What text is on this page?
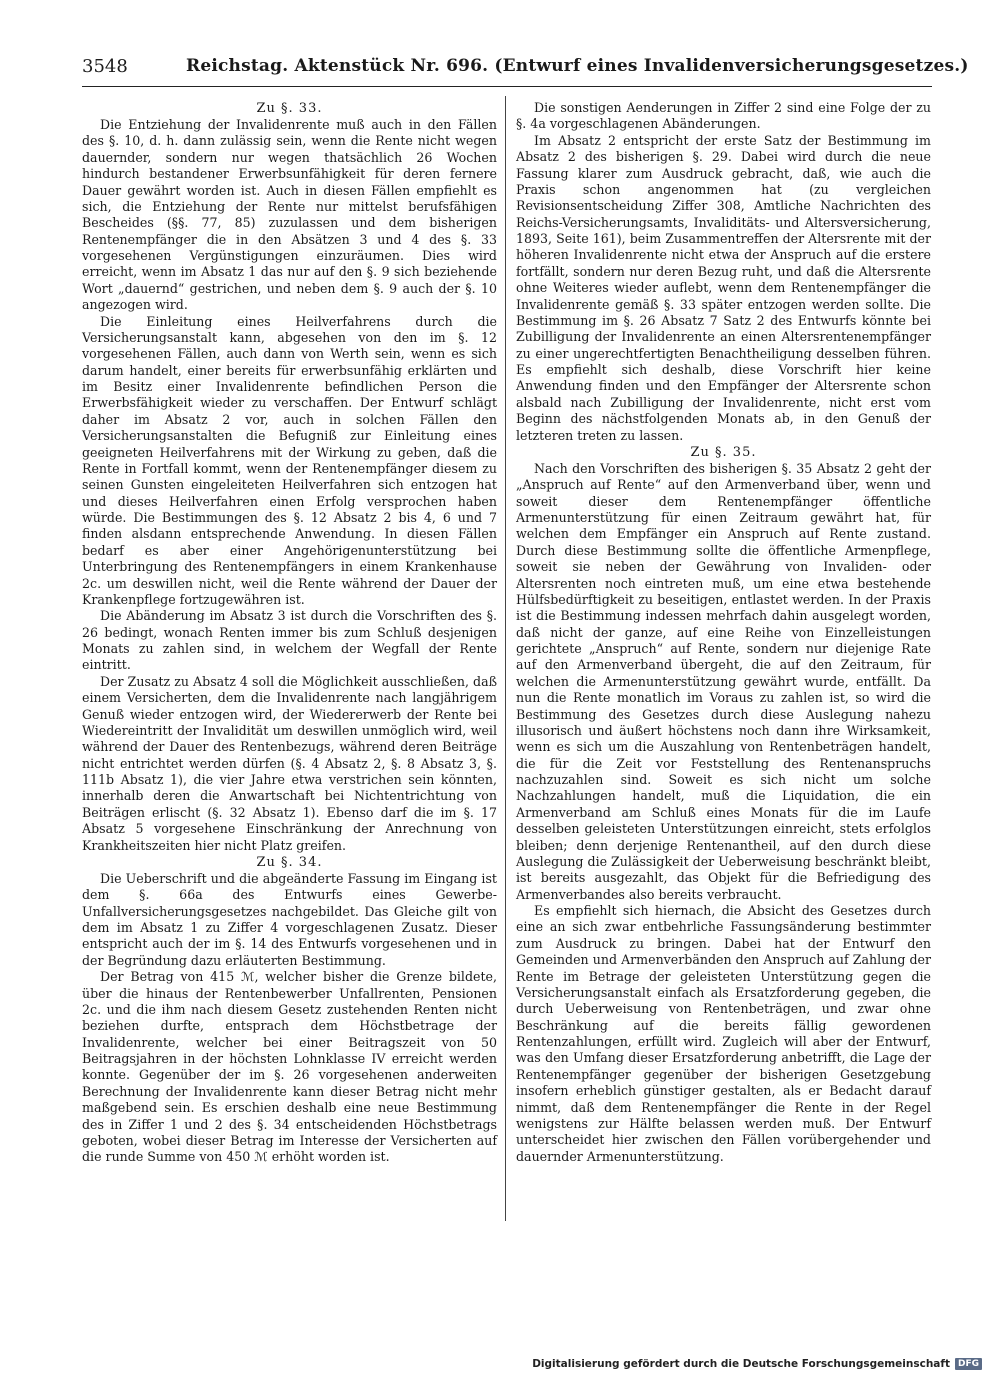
3548	Reichstag. Aktenstück Nr. 696. (Entwurf eines Invalidenversicherungsgesetzes.)
Zu §. 33.

Die Entziehung der Invalidenrente muß auch in den Fällen des §. 10, d. h. dann zulässig sein, wenn die Rente nicht wegen dauernder, sondern nur wegen thatsächlich 26 Wochen hindurch bestandener Erwerbsunfähigkeit für deren fernere Dauer gewährt worden ist. Auch in diesen Fällen empfiehlt es sich, die Entziehung der Rente nur mittelst berufsfähigen Bescheides (§§. 77, 85) zuzulassen und dem bisherigen Rentenempfänger die in den Absätzen 3 und 4 des §. 33 vorgesehenen Vergünstigungen einzuräumen. Dies wird erreicht, wenn im Absatz 1 das nur auf den §. 9 sich beziehende Wort „dauernd“ gestrichen, und neben dem §. 9 auch der §. 10 angezogen wird.

Die Einleitung eines Heilverfahrens durch die Versicherungsanstalt kann, abgesehen von den im §. 12 vorgesehenen Fällen, auch dann von Werth sein, wenn es sich darum handelt, einer bereits für erwerbsunfähig erklärten und im Besitz einer Invalidenrente befindlichen Person die Erwerbsfähigkeit wieder zu verschaffen. Der Entwurf schlägt daher im Absatz 2 vor, auch in solchen Fällen den Versicherungsanstalten die Befugniß zur Einleitung eines geeigneten Heilverfahrens mit der Wirkung zu geben, daß die Rente in Fortfall kommt, wenn der Rentenempfänger diesem zu seinen Gunsten eingeleiteten Heilverfahren sich entzogen hat und dieses Heilverfahren einen Erfolg versprochen haben würde. Die Bestimmungen des §. 12 Absatz 2 bis 4, 6 und 7 finden alsdann entsprechende Anwendung. In diesen Fällen bedarf es aber einer Angehörigenunterstützung bei Unterbringung des Rentenempfängers in einem Krankenhause 2c. um deswillen nicht, weil die Rente während der Dauer der Krankenpflege fortzugewähren ist.

Die Abänderung im Absatz 3 ist durch die Vorschriften des §. 26 bedingt, wonach Renten immer bis zum Schluß desjenigen Monats zu zahlen sind, in welchem der Wegfall der Rente eintritt.

Der Zusatz zu Absatz 4 soll die Möglichkeit ausschließen, daß einem Versicherten, dem die Invalidenrente nach langjährigem Genuß wieder entzogen wird, der Wiedererwerb der Rente bei Wiedereintritt der Invalidität um deswillen unmöglich wird, weil während der Dauer des Rentenbezugs, während deren Beiträge nicht entrichtet werden dürfen (§. 4 Absatz 2, §. 8 Absatz 3, §. 111b Absatz 1), die vier Jahre etwa verstrichen sein könnten, innerhalb deren die Anwartschaft bei Nichtentrichtung von Beiträgen erlischt (§. 32 Absatz 1). Ebenso darf die im §. 17 Absatz 5 vorgesehene Einschränkung der Anrechnung von Krankheitszeiten hier nicht Platz greifen.

Zu §. 34.

Die Ueberschrift und die abgeänderte Fassung im Eingang ist dem §. 66a des Entwurfs eines Gewerbe-Unfallversicherungsgesetzes nachgebildet. Das Gleiche gilt von dem im Absatz 1 zu Ziffer 4 vorgeschlagenen Zusatz. Dieser entspricht auch der im §. 14 des Entwurfs vorgesehenen und in der Begründung dazu erläuterten Bestimmung.

Der Betrag von 415 ℳ, welcher bisher die Grenze bildete, über die hinaus der Rentenbewerber Unfallrenten, Pensionen 2c. und die ihm nach diesem Gesetz zustehenden Renten nicht beziehen durfte, entsprach dem Höchstbetrage der Invalidenrente, welcher bei einer Beitragszeit von 50 Beitragsjahren in der höchsten Lohnklasse IV erreicht werden konnte. Gegenüber der im §. 26 vorgesehenen anderweiten Berechnung der Invalidenrente kann dieser Betrag nicht mehr maßgebend sein. Es erschien deshalb eine neue Bestimmung des in Ziffer 1 und 2 des §. 34 entscheidenden Höchstbetrags geboten, wobei dieser Betrag im Interesse der Versicherten auf die runde Summe von 450 ℳ erhöht worden ist.

Die sonstigen Aenderungen in Ziffer 2 sind eine Folge der zu §. 4a vorgeschlagenen Abänderungen.

Im Absatz 2 entspricht der erste Satz der Bestimmung im Absatz 2 des bisherigen §. 29. Dabei wird durch die neue Fassung klarer zum Ausdruck gebracht, daß, wie auch die Praxis schon angenommen hat (zu vergleichen Revisionsentscheidung Ziffer 308, Amtliche Nachrichten des Reichs-Versicherungsamts, Invaliditäts- und Altersversicherung, 1893, Seite 161), beim Zusammentreffen der Altersrente mit der höheren Invalidenrente nicht etwa der Anspruch auf die erstere fortfällt, sondern nur deren Bezug ruht, und daß die Altersrente ohne Weiteres wieder auflebt, wenn dem Rentenempfänger die Invalidenrente gemäß §. 33 später entzogen werden sollte. Die Bestimmung im §. 26 Absatz 7 Satz 2 des Entwurfs könnte bei Zubilligung der Invalidenrente an einen Altersrentenempfänger zu einer ungerechtfertigten Benachtheiligung desselben führen. Es empfiehlt sich deshalb, diese Vorschrift hier keine Anwendung finden und den Empfänger der Altersrente schon alsbald nach Zubilligung der Invalidenrente, nicht erst vom Beginn des nächstfolgenden Monats ab, in den Genuß der letzteren treten zu lassen.

Zu §. 35.

Nach den Vorschriften des bisherigen §. 35 Absatz 2 geht der „Anspruch auf Rente“ auf den Armenverband über, wenn und soweit dieser dem Rentenempfänger öffentliche Armenunterstützung für einen Zeitraum gewährt hat, für welchen dem Empfänger ein Anspruch auf Rente zustand. Durch diese Bestimmung sollte die öffentliche Armenpflege, soweit sie neben der Gewährung von Invaliden- oder Altersrenten noch eintreten muß, um eine etwa bestehende Hülfsbedürftigkeit zu beseitigen, entlastet werden. In der Praxis ist die Bestimmung indessen mehrfach dahin ausgelegt worden, daß nicht der ganze, auf eine Reihe von Einzelleistungen gerichtete „Anspruch“ auf Rente, sondern nur diejenige Rate auf den Armenverband übergeht, die auf den Zeitraum, für welchen die Armenunterstützung gewährt wurde, entfällt. Da nun die Rente monatlich im Voraus zu zahlen ist, so wird die Bestimmung des Gesetzes durch diese Auslegung nahezu illusorisch und äußert höchstens noch dann ihre Wirksamkeit, wenn es sich um die Auszahlung von Rentenbeträgen handelt, die für die Zeit vor Feststellung des Rentenanspruchs nachzuzahlen sind. Soweit es sich nicht um solche Nachzahlungen handelt, muß die Liquidation, die ein Armenverband am Schluß eines Monats für die im Laufe desselben geleisteten Unterstützungen einreicht, stets erfolglos bleiben; denn derjenige Rentenantheil, auf den durch diese Auslegung die Zulässigkeit der Ueberweisung beschränkt bleibt, ist bereits ausgezahlt, das Objekt für die Befriedigung des Armenverbandes also bereits verbraucht.

Es empfiehlt sich hiernach, die Absicht des Gesetzes durch eine an sich zwar entbehrliche Fassungsänderung bestimmter zum Ausdruck zu bringen. Dabei hat der Entwurf den Gemeinden und Armenverbänden den Anspruch auf Zahlung der Rente im Betrage der geleisteten Unterstützung gegen die Versicherungsanstalt einfach als Ersatzforderung gegeben, die durch Ueberweisung von Rentenbeträgen, und zwar ohne Beschränkung auf die bereits fällig gewordenen Rentenzahlungen, erfüllt wird. Zugleich will aber der Entwurf, was den Umfang dieser Ersatzforderung anbetrifft, die Lage der Rentenempfänger gegenüber der bisherigen Gesetzgebung insofern erheblich günstiger gestalten, als er Bedacht darauf nimmt, daß dem Rentenempfänger die Rente in der Regel wenigstens zur Hälfte belassen werden muß. Der Entwurf unterscheidet hier zwischen den Fällen vorübergehender und dauernder Armenunterstützung.

Digitalisierung gefördert durch die Deutsche Forschungsgemeinschaft DFG
